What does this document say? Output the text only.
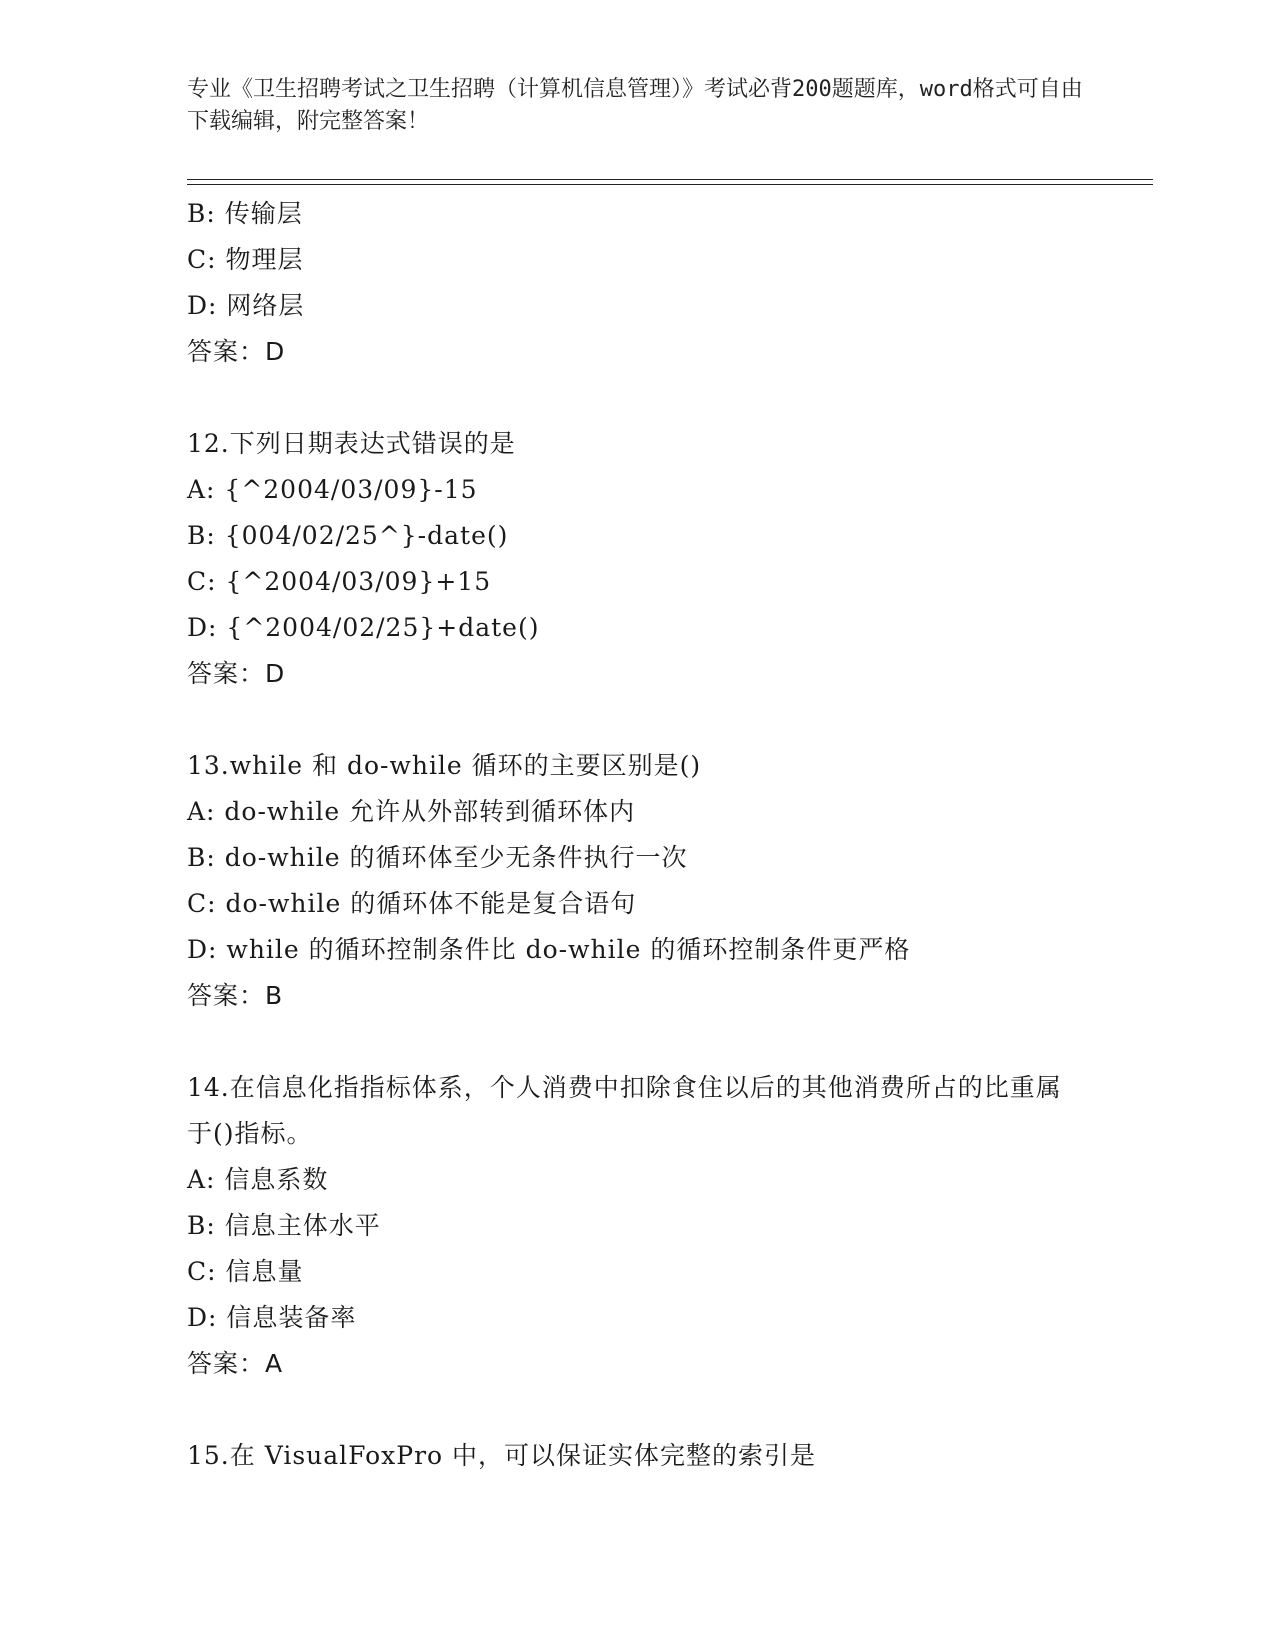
专业《卫生招聘考试之卫生招聘（计算机信息管理）》考试必背200题题库，word格式可自由下载编辑，附完整答案！
B: 传输层
C: 物理层
D: 网络层
答案：D
12.下列日期表达式错误的是
A: {^2004/03/09}-15
B: {004/02/25^}-date()
C: {^2004/03/09}+15
D: {^2004/02/25}+date()
答案：D
13.while 和 do-while 循环的主要区别是()
A: do-while 允许从外部转到循环体内
B: do-while 的循环体至少无条件执行一次
C: do-while 的循环体不能是复合语句
D: while 的循环控制条件比 do-while 的循环控制条件更严格
答案：B
14.在信息化指指标体系，个人消费中扣除食住以后的其他消费所占的比重属于()指标。
A: 信息系数
B: 信息主体水平
C: 信息量
D: 信息装备率
答案：A
15.在 VisualFoxPro 中，可以保证实体完整的索引是
